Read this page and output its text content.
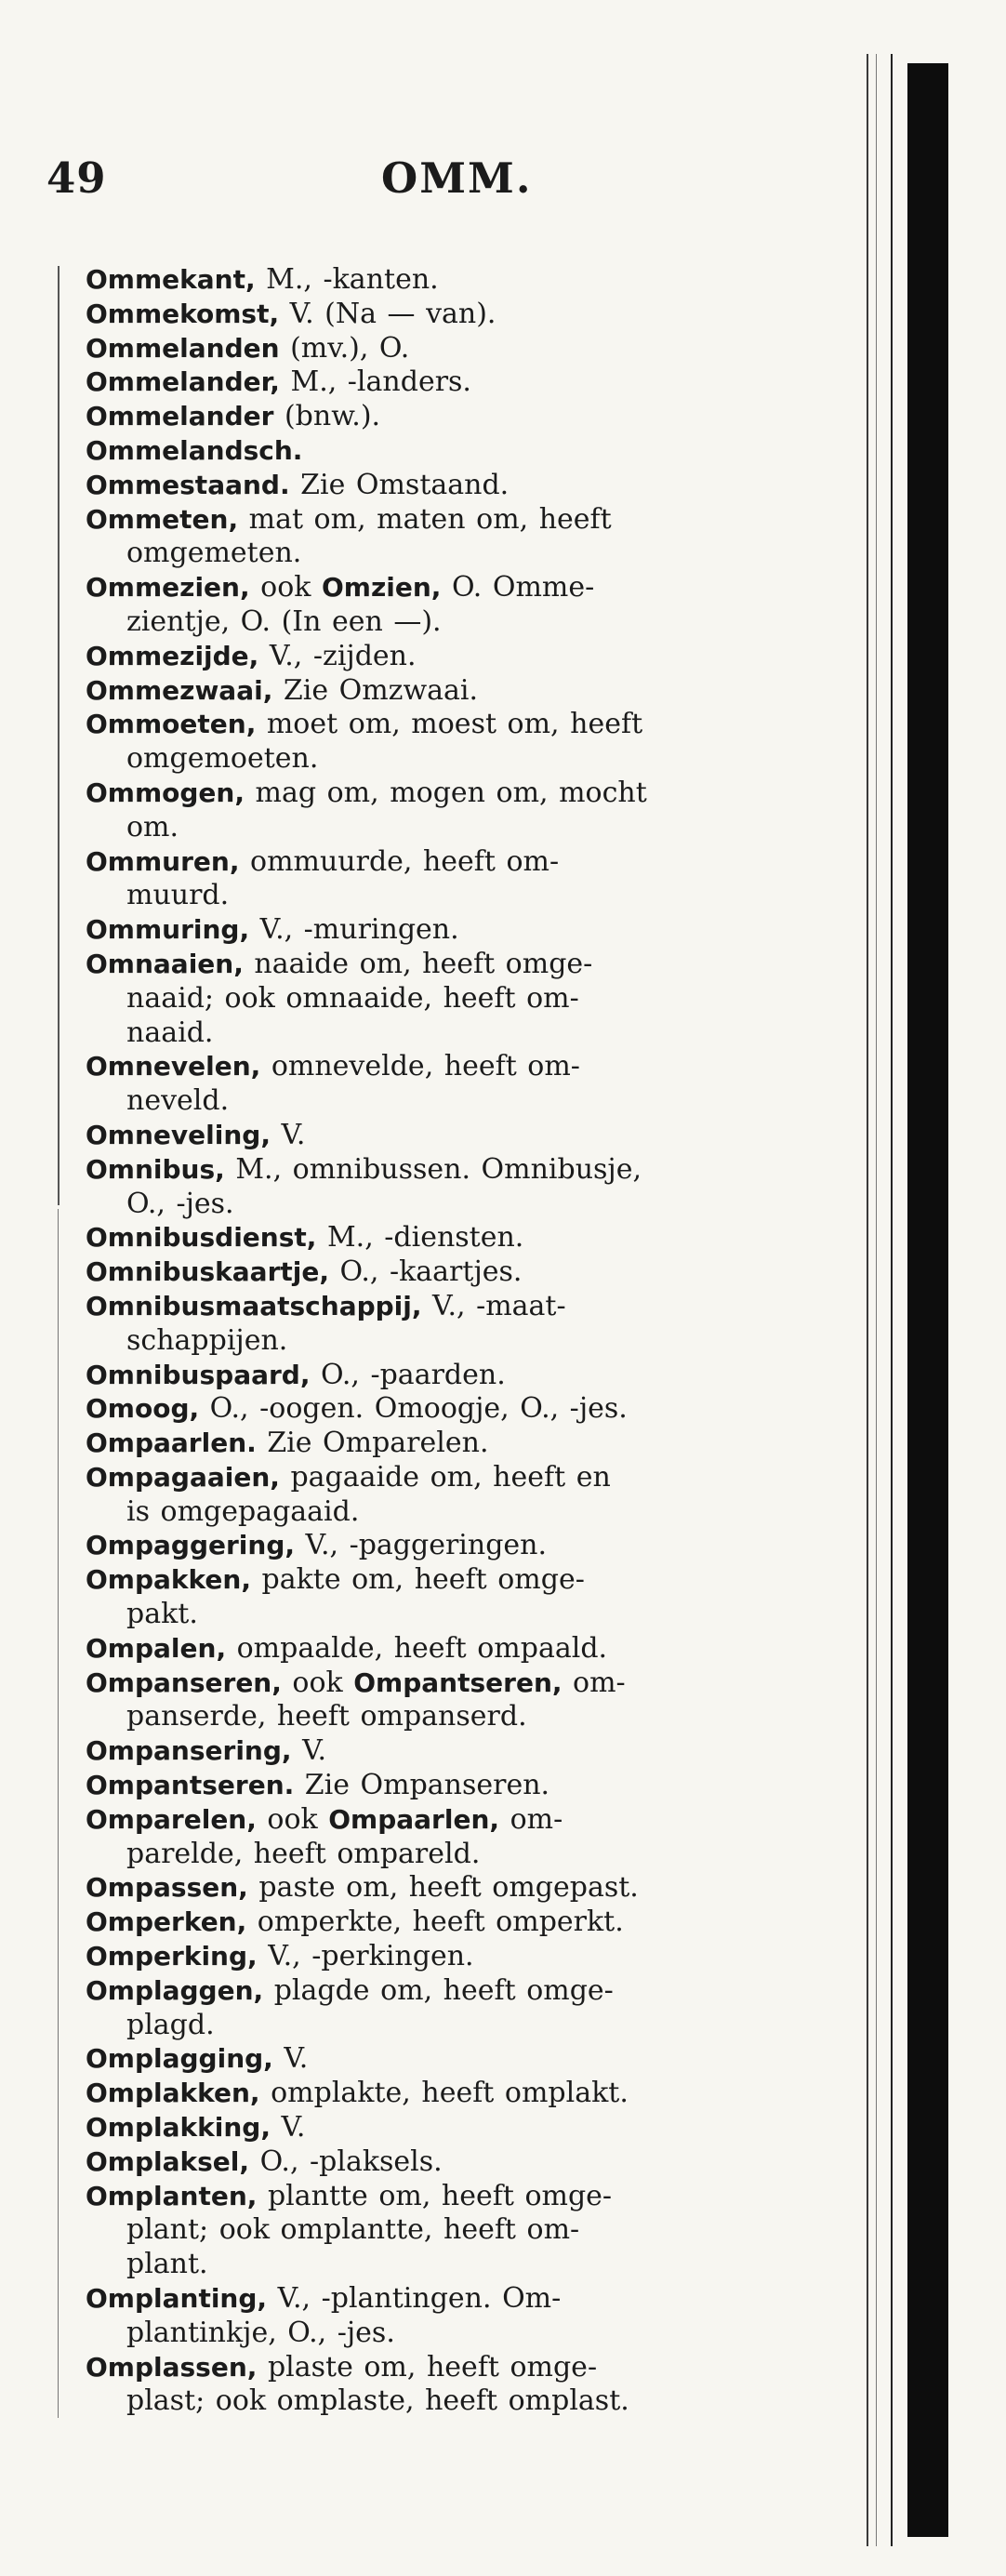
49	OMM.
Ommekant, M., -kanten.
Ommekomst, V. (Na — van).
Ommelanden (mv.), O.
Ommelander, M., -landers.
Ommelander (bnw.).
Ommelandsch.
Ommestaand. Zie Omstaand.
Ommeten, mat om, maten om, heeft
omgemeten.
Ommezien, ook Omzien, O. Omme-
zientje, O. (In een —).
Ommezijde, V., -zijden.
Ommezwaai, Zie Omzwaai.
Ommoeten, moet om, moest om, heeft
omgemoeten.
Ommogen, mag om, mogen om, mocht
om.
Ommuren, ommuurde, heeft om-
muurd.
Ommuring, V., -muringen.
Omnaaien, naaide om, heeft omge-
naaid; ook omnaaide, heeft om-
naaid.
Omnevelen, omnevelde, heeft om-
neveld.
Omneveling, V.
Omnibus, M., omnibussen. Omnibusje,
O., -jes.
Omnibusdienst, M., -diensten.
Omnibuskaartje, O., -kaartjes.
Omnibusmaatschappij, V., -maat-
schappijen.
Omnibuspaard, O., -paarden.
Omoog, O., -oogen. Omoogje, O., -jes.
Ompaarlen. Zie Omparelen.
Ompagaaien, pagaaide om, heeft en
is omgepagaaid.
Ompaggering, V., -paggeringen.
Ompakken, pakte om, heeft omge-
pakt.
Ompalen, ompaalde, heeft ompaald.
Ompanseren, ook Ompantseren, om-
panserde, heeft ompanserd.
Ompansering, V.
Ompantseren. Zie Ompanseren.
Omparelen, ook Ompaarlen, om-
parelde, heeft ompareld.
Ompassen, paste om, heeft omgepast.
Omperken, omperkte, heeft omperkt.
Omperking, V., -perkingen.
Omplaggen, plagde om, heeft omge-
plagd.
Omplagging, V.
Omplakken, omplakte, heeft omplakt.
Omplakking, V.
Omplaksel, O., -plaksels.
Omplanten, plantte om, heeft omge-
plant; ook omplantte, heeft om-
plant.
Omplanting, V., -plantingen. Om-
plantinkje, O., -jes.
Omplassen, plaste om, heeft omge-
plast; ook omplaste, heeft omplast.
